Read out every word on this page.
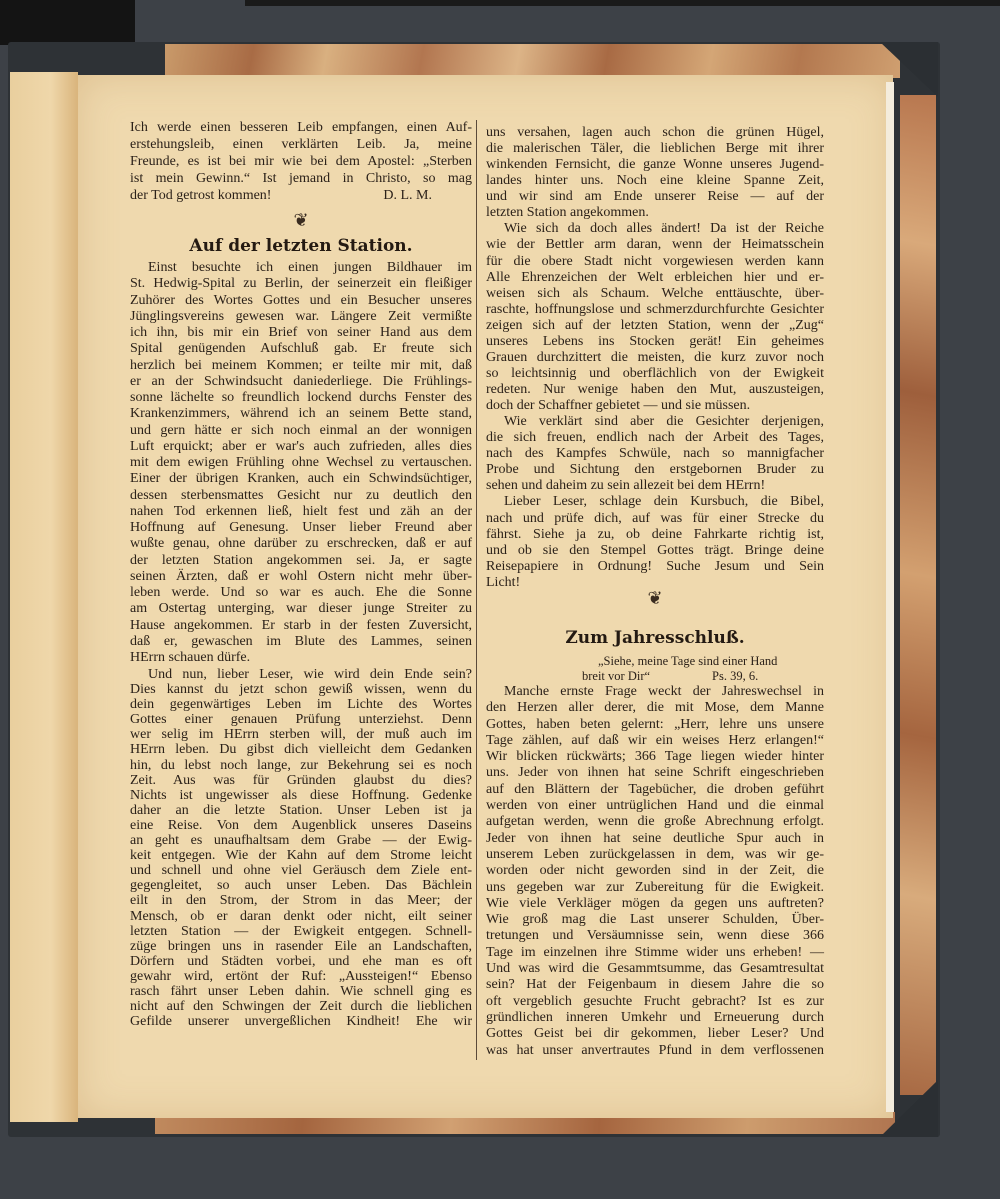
Ich werde einen besseren Leib empfangen, einen Auf-
erstehungsleib, einen verklärten Leib. Ja, meine
Freunde, es ist bei mir wie bei dem Apostel: „Sterben
ist mein Gewinn.“ Ist jemand in Christo, so mag
der Tod getrost kommen!	D. L. M.
❦
Auf der letzten Station.
Einst besuchte ich einen jungen Bildhauer im
St. Hedwig-Spital zu Berlin, der seinerzeit ein fleißiger
Zuhörer des Wortes Gottes und ein Besucher unseres
Jünglingsvereins gewesen war. Längere Zeit vermißte
ich ihn, bis mir ein Brief von seiner Hand aus dem
Spital genügenden Aufschluß gab. Er freute sich
herzlich bei meinem Kommen; er teilte mir mit, daß
er an der Schwindsucht daniederliege. Die Frühlings-
sonne lächelte so freundlich lockend durchs Fenster des
Krankenzimmers, während ich an seinem Bette stand,
und gern hätte er sich noch einmal an der wonnigen
Luft erquickt; aber er war's auch zufrieden, alles dies
mit dem ewigen Frühling ohne Wechsel zu vertauschen.
Einer der übrigen Kranken, auch ein Schwindsüchtiger,
dessen sterbensmattes Gesicht nur zu deutlich den
nahen Tod erkennen ließ, hielt fest und zäh an der
Hoffnung auf Genesung. Unser lieber Freund aber
wußte genau, ohne darüber zu erschrecken, daß er auf
der letzten Station angekommen sei. Ja, er sagte
seinen Ärzten, daß er wohl Ostern nicht mehr über-
leben werde. Und so war es auch. Ehe die Sonne
am Ostertag unterging, war dieser junge Streiter zu
Hause angekommen. Er starb in der festen Zuversicht,
daß er, gewaschen im Blute des Lammes, seinen
HErrn schauen dürfe.
Und nun, lieber Leser, wie wird dein Ende sein?
Dies kannst du jetzt schon gewiß wissen, wenn du
dein gegenwärtiges Leben im Lichte des Wortes
Gottes einer genauen Prüfung unterziehst. Denn
wer selig im HErrn sterben will, der muß auch im
HErrn leben. Du gibst dich vielleicht dem Gedanken
hin, du lebst noch lange, zur Bekehrung sei es noch
Zeit. Aus was für Gründen glaubst du dies?
Nichts ist ungewisser als diese Hoffnung. Gedenke
daher an die letzte Station. Unser Leben ist ja
eine Reise. Von dem Augenblick unseres Daseins
an geht es unaufhaltsam dem Grabe — der Ewig-
keit entgegen. Wie der Kahn auf dem Strome leicht
und schnell und ohne viel Geräusch dem Ziele ent-
gegengleitet, so auch unser Leben. Das Bächlein
eilt in den Strom, der Strom in das Meer; der
Mensch, ob er daran denkt oder nicht, eilt seiner
letzten Station — der Ewigkeit entgegen. Schnell-
züge bringen uns in rasender Eile an Landschaften,
Dörfern und Städten vorbei, und ehe man es oft
gewahr wird, ertönt der Ruf: „Aussteigen!“ Ebenso
rasch fährt unser Leben dahin. Wie schnell ging es
nicht auf den Schwingen der Zeit durch die lieblichen
Gefilde unserer unvergeßlichen Kindheit! Ehe wir
uns versahen, lagen auch schon die grünen Hügel,
die malerischen Täler, die lieblichen Berge mit ihrer
winkenden Fernsicht, die ganze Wonne unseres Jugend-
landes hinter uns. Noch eine kleine Spanne Zeit,
und wir sind am Ende unserer Reise — auf der
letzten Station angekommen.
Wie sich da doch alles ändert! Da ist der Reiche
wie der Bettler arm daran, wenn der Heimatsschein
für die obere Stadt nicht vorgewiesen werden kann
Alle Ehrenzeichen der Welt erbleichen hier und er-
weisen sich als Schaum. Welche enttäuschte, über-
raschte, hoffnungslose und schmerzdurchfurchte Gesichter
zeigen sich auf der letzten Station, wenn der „Zug“
unseres Lebens ins Stocken gerät! Ein geheimes
Grauen durchzittert die meisten, die kurz zuvor noch
so leichtsinnig und oberflächlich von der Ewigkeit
redeten. Nur wenige haben den Mut, auszusteigen,
doch der Schaffner gebietet — und sie müssen.
Wie verklärt sind aber die Gesichter derjenigen,
die sich freuen, endlich nach der Arbeit des Tages,
nach des Kampfes Schwüle, nach so mannigfacher
Probe und Sichtung den erstgebornen Bruder zu
sehen und daheim zu sein allezeit bei dem HErrn!
Lieber Leser, schlage dein Kursbuch, die Bibel,
nach und prüfe dich, auf was für einer Strecke du
fährst. Siehe ja zu, ob deine Fahrkarte richtig ist,
und ob sie den Stempel Gottes trägt. Bringe deine
Reisepapiere in Ordnung! Suche Jesum und Sein
Licht!
❦
Zum Jahresschluß.
„Siehe, meine Tage sind einer Hand
breit vor Dir“	Ps. 39, 6.
Manche ernste Frage weckt der Jahreswechsel in
den Herzen aller derer, die mit Mose, dem Manne
Gottes, haben beten gelernt: „Herr, lehre uns unsere
Tage zählen, auf daß wir ein weises Herz erlangen!“
Wir blicken rückwärts; 366 Tage liegen wieder hinter
uns. Jeder von ihnen hat seine Schrift eingeschrieben
auf den Blättern der Tagebücher, die droben geführt
werden von einer untrüglichen Hand und die einmal
aufgetan werden, wenn die große Abrechnung erfolgt.
Jeder von ihnen hat seine deutliche Spur auch in
unserem Leben zurückgelassen in dem, was wir ge-
worden oder nicht geworden sind in der Zeit, die
uns gegeben war zur Zubereitung für die Ewigkeit.
Wie viele Verkläger mögen da gegen uns auftreten?
Wie groß mag die Last unserer Schulden, Über-
tretungen und Versäumnisse sein, wenn diese 366
Tage im einzelnen ihre Stimme wider uns erheben! —
Und was wird die Gesammtsumme, das Gesamtresultat
sein? Hat der Feigenbaum in diesem Jahre die so
oft vergeblich gesuchte Frucht gebracht? Ist es zur
gründlichen inneren Umkehr und Erneuerung durch
Gottes Geist bei dir gekommen, lieber Leser? Und
was hat unser anvertrautes Pfund in dem verflossenen
